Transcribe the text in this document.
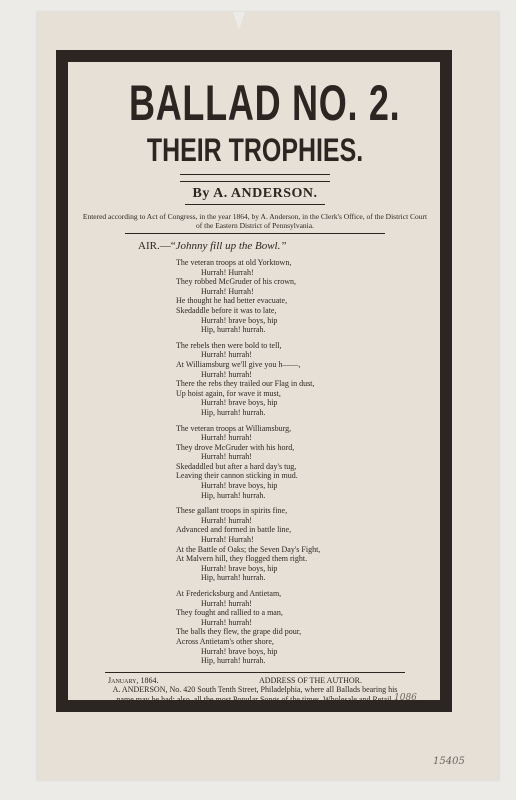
BALLAD NO. 2.
THEIR TROPHIES.
By A. ANDERSON.
Entered according to Act of Congress, in the year 1864, by A. Anderson, in the Clerk's Office, of the District Court of the Eastern District of Pennsylvania.
AIR.—“Johnny fill up the Bowl.”
The veteran troops at old Yorktown,
Hurrah! Hurrah!
They robbed McGruder of his crown,
Hurrah! Hurrah!
He thought he had better evacuate,
Skedaddle before it was to late,
Hurrah! brave boys, hip
Hip, hurrah! hurrah.
The rebels then were bold to tell,
Hurrah! hurrah!
At Williamsburg we'll give you h——,
Hurrah! hurrah!
There the rebs they trailed our Flag in dust,
Up hoist again, for wave it must,
Hurrah! brave boys, hip
Hip, hurrah! hurrah.
The veteran troops at Williamsburg,
Hurrah! hurrah!
They drove McGruder with his hord,
Hurrah! hurrah!
Skedaddled but after a hard day's tug,
Leaving their cannon sticking in mud.
Hurrah! brave boys, hip
Hip, hurrah! hurrah.
These gallant troops in spirits fine,
Hurrah! hurrah!
Advanced and formed in battle line,
Hurrah! Hurrah!
At the Battle of Oaks; the Seven Day's Fight,
At Malvern hill, they flogged them right.
Hurrah! brave boys, hip
Hip, hurrah! hurrah.
At Fredericksburg and Antietam,
Hurrah! hurrah!
They fought and rallied to a man,
Hurrah! hurrah!
The balls they flew, the grape did pour,
Across Antietam's other shore,
Hurrah! brave boys, hip
Hip, hurrah! hurrah.
January, 1864.	ADDRESS OF THE AUTHOR.
A. ANDERSON, No. 420 South Tenth Street, Philadelphia, where all Ballads bearing his name may be had; also, all the most Popular Songs of the times, Wholesale and Retail. 1086
15405
